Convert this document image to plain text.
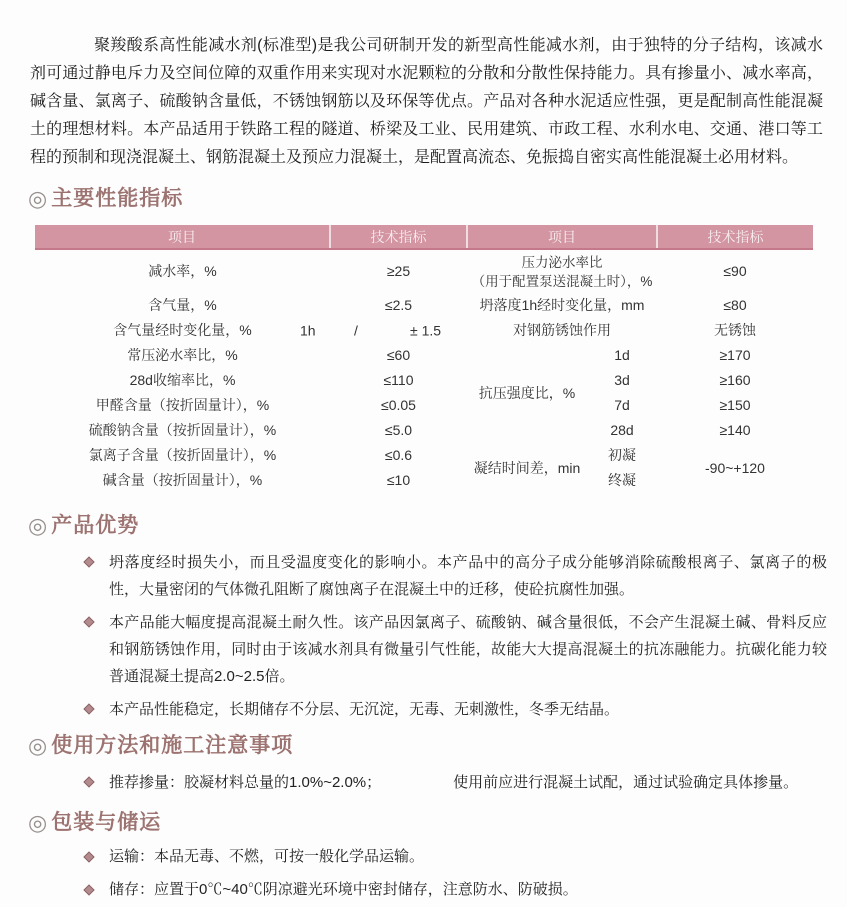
聚羧酸系高性能减水剂(标准型)是我公司研制开发的新型高性能减水剂，由于独特的分子结构，该减水剂可通过静电斥力及空间位障的双重作用来实现对水泥颗粒的分散和分散性保持能力。具有掺量小、减水率高，碱含量、氯离子、硫酸钠含量低，不锈蚀钢筋以及环保等优点。产品对各种水泥适应性强，更是配制高性能混凝土的理想材料。本产品适用于铁路工程的隧道、桥梁及工业、民用建筑、市政工程、水利水电、交通、港口等工程的预制和现浇混凝土、钢筋混凝土及预应力混凝土，是配置高流态、免振捣自密实高性能混凝土必用材料。

◎ 主要性能指标
项目	技术指标	项目		技术指标
减水率，%	≥25	压力泌水率比
（用于配置泵送混凝土时），%		≤90
含气量，%	≤2.5	坍落度1h经时变化量，mm		≤80
含气量经时变化量，%	1h / ± 1.5	对钢筋锈蚀作用		无锈蚀
常压泌水率比，%	≤60	抗压强度比，%	1d	≥170
28d收缩率比，%	≤110		3d	≥160
甲醛含量（按折固量计），%	≤0.05		7d	≥150
硫酸钠含量（按折固量计），%	≤5.0		28d	≥140
氯离子含量（按折固量计），%	≤0.6	凝结时间差，min	初凝	-90~+120
碱含量（按折固量计），%	≤10		终凝	
◎ 产品优势

坍落度经时损失小，而且受温度变化的影响小。本产品中的高分子成分能够消除硫酸根离子、氯离子的极性，大量密闭的气体微孔阻断了腐蚀离子在混凝土中的迁移，使砼抗腐性加强。

本产品能大幅度提高混凝土耐久性。该产品因氯离子、硫酸钠、碱含量很低，不会产生混凝土碱、骨料反应和钢筋锈蚀作用，同时由于该减水剂具有微量引气性能，故能大大提高混凝土的抗冻融能力。抗碳化能力较普通混凝土提高2.0~2.5倍。

本产品性能稳定，长期储存不分层、无沉淀，无毒、无刺激性，冬季无结晶。

◎ 使用方法和施工注意事项

推荐掺量：胶凝材料总量的1.0%~2.0%；	使用前应进行混凝土试配，通过试验确定具体掺量。

◎ 包装与储运

运输：本品无毒、不燃，可按一般化学品运输。

储存：应置于0℃~40℃阴凉避光环境中密封储存，注意防水、防破损。
